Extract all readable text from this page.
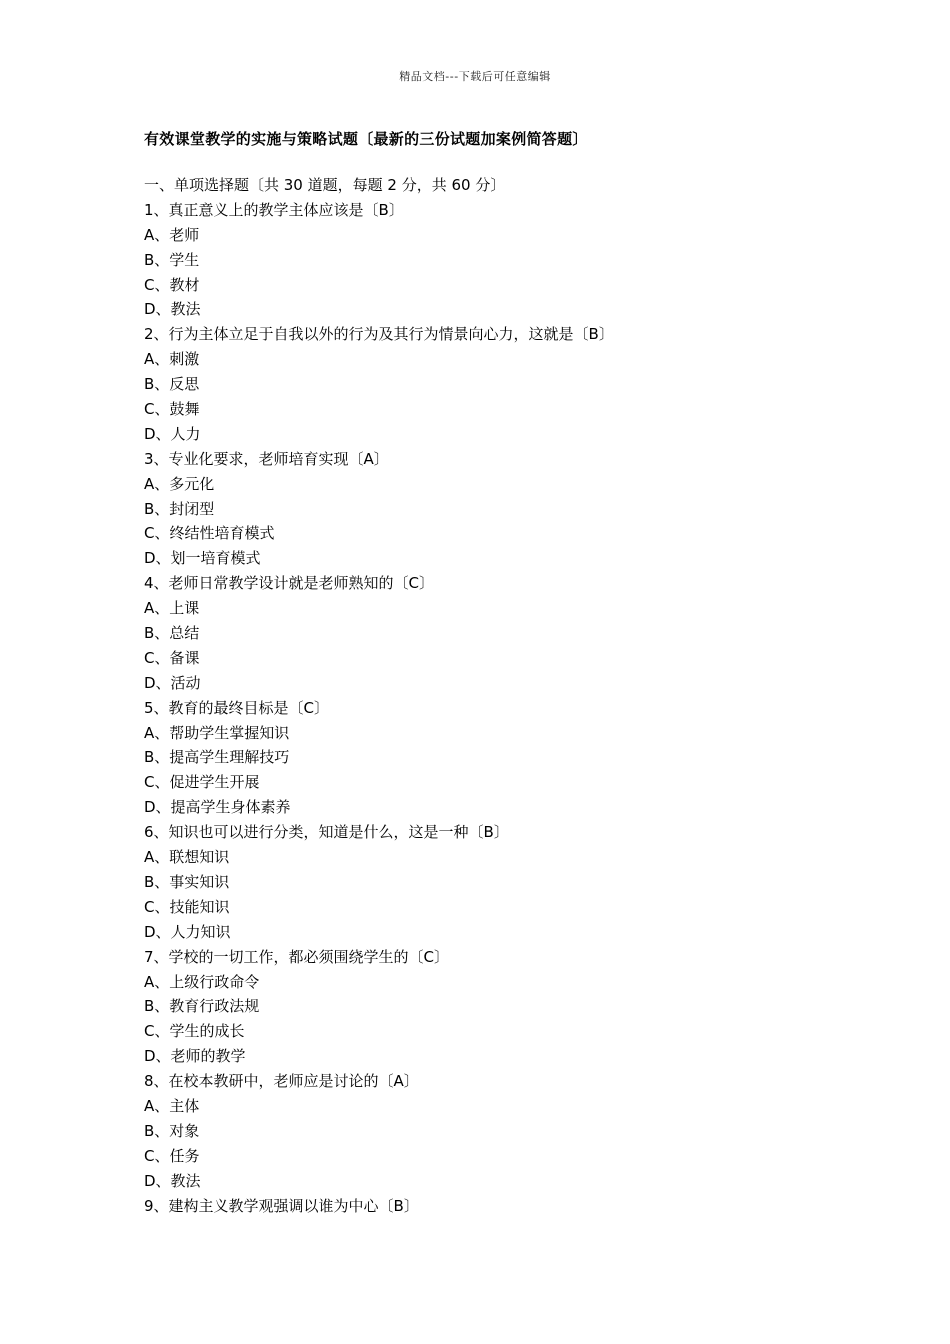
精品文档---下载后可任意编辑
有效课堂教学的实施与策略试题〔最新的三份试题加案例简答题〕
一、单项选择题〔共 30 道题，每题 2 分，共 60 分〕
1、真正意义上的教学主体应该是〔B〕
A、老师
B、学生
C、教材
D、教法
2、行为主体立足于自我以外的行为及其行为情景向心力，这就是〔B〕
A、刺激
B、反思
C、鼓舞
D、人力
3、专业化要求，老师培育实现〔A〕
A、多元化
B、封闭型
C、终结性培育模式
D、划一培育模式
4、老师日常教学设计就是老师熟知的〔C〕
A、上课
B、总结
C、备课
D、活动
5、教育的最终目标是〔C〕
A、帮助学生掌握知识
B、提高学生理解技巧
C、促进学生开展
D、提高学生身体素养
6、知识也可以进行分类，知道是什么，这是一种〔B〕
A、联想知识
B、事实知识
C、技能知识
D、人力知识
7、学校的一切工作，都必须围绕学生的〔C〕
A、上级行政命令
B、教育行政法规
C、学生的成长
D、老师的教学
8、在校本教研中，老师应是讨论的〔A〕
A、主体
B、对象
C、任务
D、教法
9、建构主义教学观强调以谁为中心〔B〕
